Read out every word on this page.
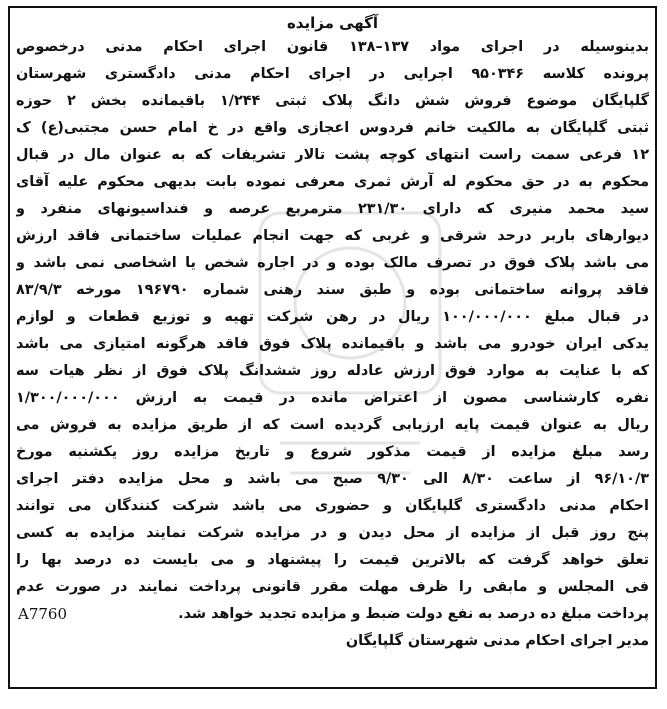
آگهی مزایده
بدینوسیله در اجرای مواد ۱۳۷–۱۳۸ قانون اجرای احکام مدنی درخصوص
پرونده کلاسه ۹۵۰۳۴۶ اجرایی در اجرای احکام مدنی دادگستری شهرستان
گلپایگان موضوع فروش شش دانگ پلاک ثبتی ۱/۲۴۴ باقیمانده بخش ۲ حوزه
ثبتی گلپایگان به مالکیت خانم فردوس اعجازی واقع در خ امام حسن مجتبی(ع) ک
۱۲ فرعی سمت راست انتهای کوچه پشت تالار تشریفات که به عنوان مال در قبال
محکوم به در حق محکوم له آرش ثمری معرفی نموده بابت بدیهی محکوم علیه آقای
سید محمد منیری که دارای ۲۳۱/۳۰ مترمربع عرصه و فنداسیونهای منفرد و
دیوارهای باربر درحد شرقی و غربی که جهت انجام عملیات ساختمانی فاقد ارزش
می باشد پلاک فوق در تصرف مالک بوده و در اجاره شخص یا اشخاصی نمی باشد و
فاقد پروانه ساختمانی بوده و طبق سند رهنی شماره ۱۹۶۷۹۰ مورخه ۸۳/۹/۳
در قبال مبلغ ۱۰۰/۰۰۰/۰۰۰ ریال در رهن شرکت تهیه و توزیع قطعات و لوازم
یدکی ایران خودرو می باشد و باقیمانده پلاک فوق فاقد هرگونه امتیازی می باشد
که با عنایت به موارد فوق ارزش عادله روز ششدانگ پلاک فوق از نظر هیات سه
نفره کارشناسی مصون از اعتراض مانده در قیمت به ارزش ۱/۳۰۰/۰۰۰/۰۰۰
ریال به عنوان قیمت پایه ارزیابی گردیده است که از طریق مزایده به فروش می
رسد مبلغ مزایده از قیمت مذکور شروع و تاریخ مزایده روز یکشنبه مورخ
۹۶/۱۰/۳ از ساعت ۸/۳۰ الی ۹/۳۰ صبح می باشد و محل مزایده دفتر اجرای
احکام مدنی دادگستری گلپایگان و حضوری می باشد شرکت کنندگان می توانند
پنج روز قبل از مزایده از محل دیدن و در مزایده شرکت نمایند مزایده به کسی
تعلق خواهد گرفت که بالاترین قیمت را پیشنهاد و می بایست ده درصد بها را
فی المجلس و مابقی را ظرف مهلت مقرر قانونی پرداخت نمایند در صورت عدم
پرداخت مبلغ ده درصد به نفع دولت ضبط و مزایده تجدید خواهد شد.
A7760
مدیر اجرای احکام مدنی شهرستان گلپایگان
